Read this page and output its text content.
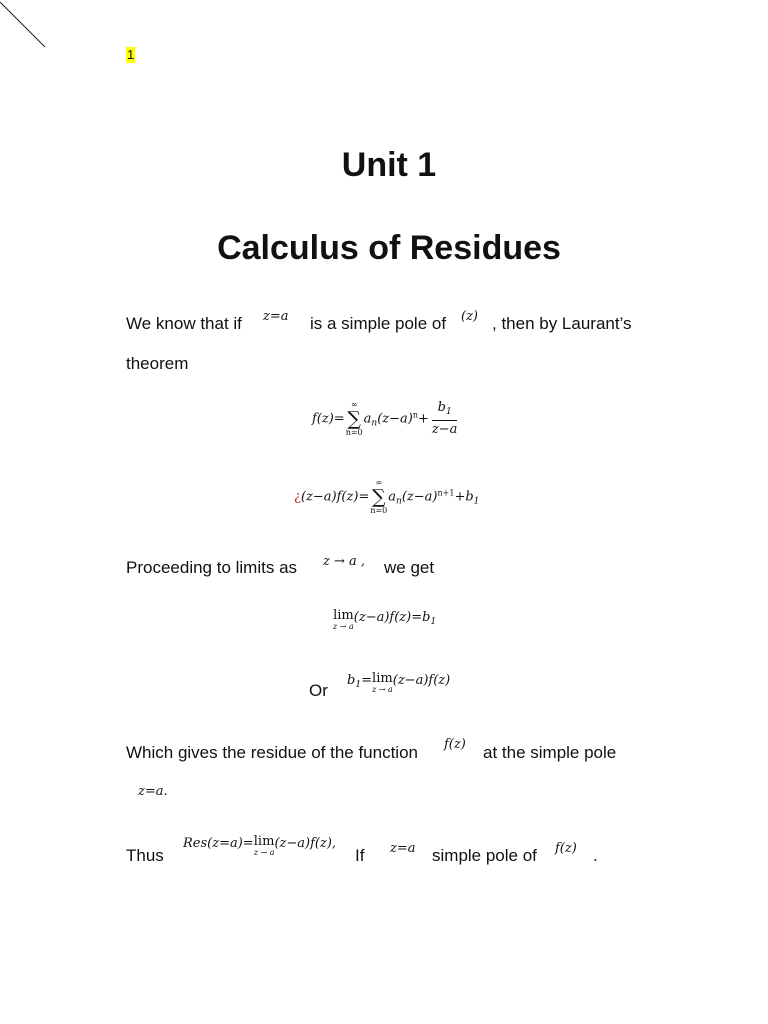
1
Unit 1
Calculus of Residues
We know that if z=a is a simple pole of (z) , then by Laurant’s
theorem
f(z)=
∞
∑
n=0
$a_n(z-a)^n+ \frac{b_1}{z-a}$
¿(z−a)f(z)=
∞
∑
n=0
$a_n(z-a)^{n+1}+b_1$
Proceeding to limits as z → a , we get
lim
z → a
$(z-a)f(z)=b_1$
Or
$b_1=\lim$
z → a
(z−a)f(z)
Which gives the residue of the function f(z) at the simple pole
z=a.
Thus
Res(z=a)=lim
z → a
(z−a)f(z),
If z=a simple pole of f(z) .
